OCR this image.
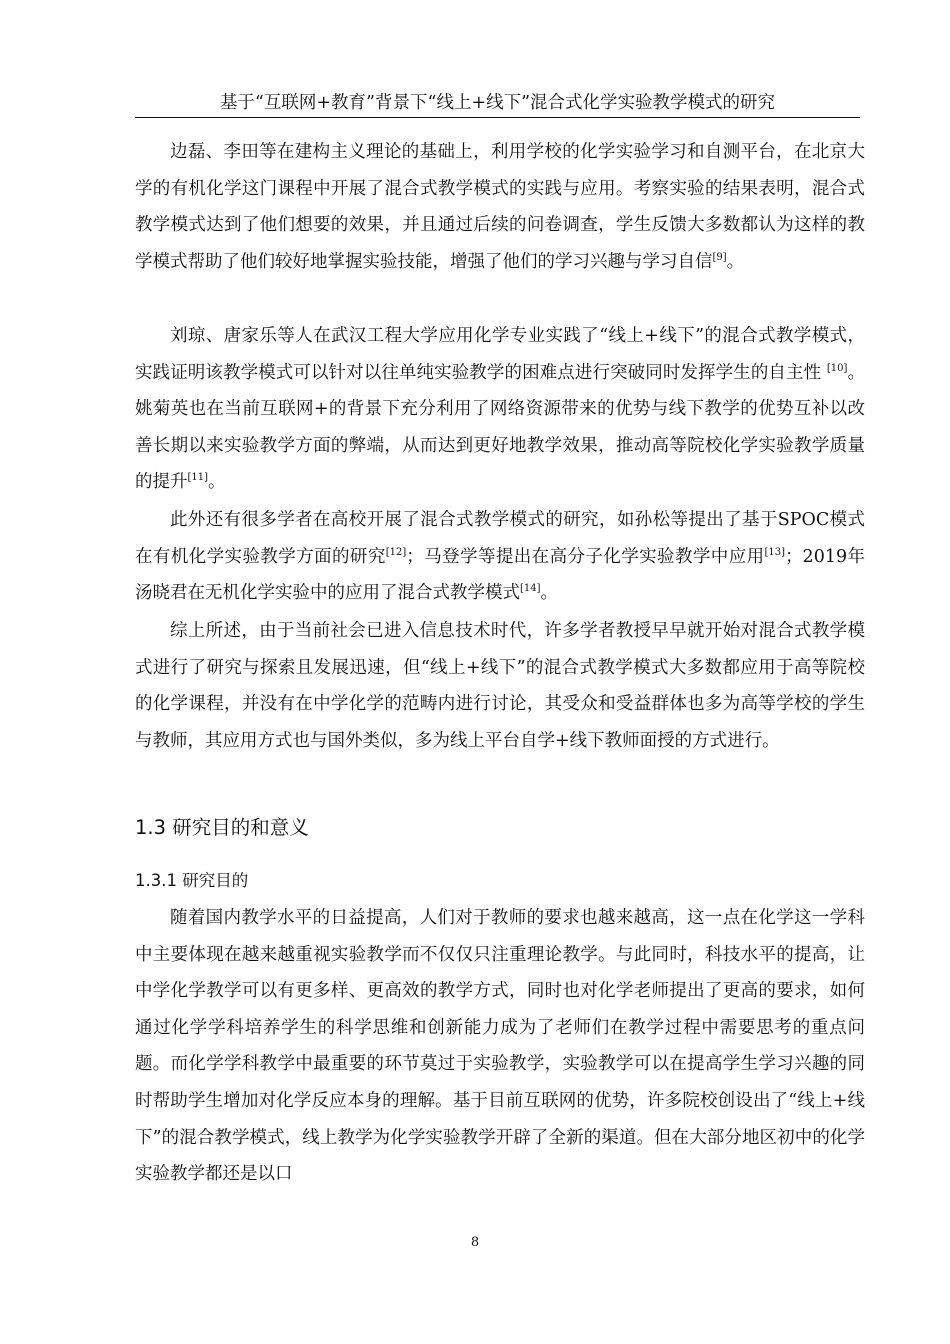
基于“互联网+教育”背景下“线上+线下”混合式化学实验教学模式的研究

边磊、李田等在建构主义理论的基础上，利用学校的化学实验学习和自测平台，在北京大学的有机化学这门课程中开展了混合式教学模式的实践与应用。考察实验的结果表明，混合式教学模式达到了他们想要的效果，并且通过后续的问卷调查，学生反馈大多数都认为这样的教学模式帮助了他们较好地掌握实验技能，增强了他们的学习兴趣与学习自信[9]。

刘琼、唐家乐等人在武汉工程大学应用化学专业实践了“线上+线下”的混合式教学模式，实践证明该教学模式可以针对以往单纯实验教学的困难点进行突破同时发挥学生的自主性 [10]。姚菊英也在当前互联网+的背景下充分利用了网络资源带来的优势与线下教学的优势互补以改善长期以来实验教学方面的弊端，从而达到更好地教学效果，推动高等院校化学实验教学质量的提升[11]。

此外还有很多学者在高校开展了混合式教学模式的研究，如孙松等提出了基于SPOC模式在有机化学实验教学方面的研究[12]；马登学等提出在高分子化学实验教学中应用[13]；2019年汤晓君在无机化学实验中的应用了混合式教学模式[14]。

综上所述，由于当前社会已进入信息技术时代，许多学者教授早早就开始对混合式教学模式进行了研究与探索且发展迅速，但“线上+线下”的混合式教学模式大多数都应用于高等院校的化学课程，并没有在中学化学的范畴内进行讨论，其受众和受益群体也多为高等学校的学生与教师，其应用方式也与国外类似，多为线上平台自学+线下教师面授的方式进行。

1.3 研究目的和意义
1.3.1 研究目的

随着国内教学水平的日益提高，人们对于教师的要求也越来越高，这一点在化学这一学科中主要体现在越来越重视实验教学而不仅仅只注重理论教学。与此同时，科技水平的提高，让中学化学教学可以有更多样、更高效的教学方式，同时也对化学老师提出了更高的要求，如何通过化学学科培养学生的科学思维和创新能力成为了老师们在教学过程中需要思考的重点问题。而化学学科教学中最重要的环节莫过于实验教学，实验教学可以在提高学生学习兴趣的同时帮助学生增加对化学反应本身的理解。基于目前互联网的优势，许多院校创设出了“线上+线下”的混合教学模式，线上教学为化学实验教学开辟了全新的渠道。但在大部分地区初中的化学实验教学都还是以口

8
